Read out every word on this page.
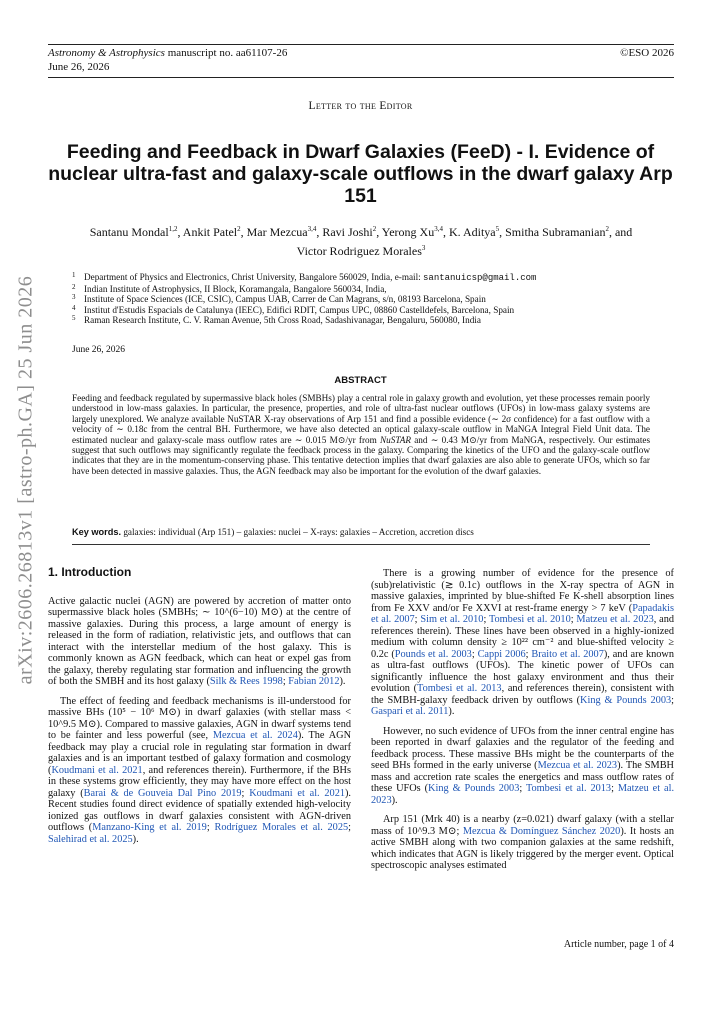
Astronomy & Astrophysics manuscript no. aa61107-26
June 26, 2026
©ESO 2026
arXiv:2606.26813v1 [astro-ph.GA] 25 Jun 2026
Letter to the Editor
Feeding and Feedback in Dwarf Galaxies (FeeD) - I. Evidence of nuclear ultra-fast and galaxy-scale outflows in the dwarf galaxy Arp 151
Santanu Mondal$^{1,2}$, Ankit Patel$^2$, Mar Mezcua$^{3,4}$, Ravi Joshi$^2$, Yerong Xu$^{3,4}$, K. Aditya$^5$, Smitha Subramanian$^2$, and
Victor Rodriguez Morales$^3$
1 Department of Physics and Electronics, Christ University, Bangalore 560029, India, e-mail: santanuicsp@gmail.com
2 Indian Institute of Astrophysics, II Block, Koramangala, Bangalore 560034, India,
3 Institute of Space Sciences (ICE, CSIC), Campus UAB, Carrer de Can Magrans, s/n, 08193 Barcelona, Spain
4 Institut d'Estudis Espacials de Catalunya (IEEC), Edifici RDIT, Campus UPC, 08860 Castelldefels, Barcelona, Spain
5 Raman Research Institute, C. V. Raman Avenue, 5th Cross Road, Sadashivanagar, Bengaluru, 560080, India
June 26, 2026
ABSTRACT
Feeding and feedback regulated by supermassive black holes (SMBHs) play a central role in galaxy growth and evolution, yet these processes remain poorly understood in low-mass galaxies. In particular, the presence, properties, and role of ultra-fast nuclear outflows (UFOs) in low-mass galaxy systems are largely unexplored. We analyze available NuSTAR X-ray observations of Arp 151 and find a possible evidence (∼ 2σ confidence) for a fast outflow with a velocity of ∼ 0.18c from the central BH. Furthermore, we have also detected an optical galaxy-scale outflow in MaNGA Integral Field Unit data. The estimated nuclear and galaxy-scale mass outflow rates are ∼ 0.015 M⊙/yr from NuSTAR and ∼ 0.43 M⊙/yr from MaNGA, respectively. Our estimates suggest that such outflows may significantly regulate the feedback process in the galaxy. Comparing the kinetics of the UFO and the galaxy-scale outflow indicates that they are in the momentum-conserving phase. This tentative detection implies that dwarf galaxies are also able to generate UFOs, which so far have been detected in massive galaxies. Thus, the AGN feedback may also be important for the evolution of the dwarf galaxies.
Key words. galaxies: individual (Arp 151) – galaxies: nuclei – X-rays: galaxies – Accretion, accretion discs
1. Introduction

Active galactic nuclei (AGN) are powered by accretion of matter onto supermassive black holes (SMBHs; ∼ 10^(6−10) M⊙) at the centre of massive galaxies. During this process, a large amount of energy is released in the form of radiation, relativistic jets, and outflows that can interact with the interstellar medium of the host galaxy. This is commonly known as AGN feedback, which can heat or expel gas from the galaxy, thereby regulating star formation and influencing the growth of both the SMBH and its host galaxy (Silk & Rees 1998; Fabian 2012).

The effect of feeding and feedback mechanisms is ill-understood for massive BHs (10⁵ − 10⁶ M⊙) in dwarf galaxies (with stellar mass < 10^9.5 M⊙). Compared to massive galaxies, AGN in dwarf systems tend to be fainter and less powerful (see, Mezcua et al. 2024). The AGN feedback may play a crucial role in regulating star formation in dwarf galaxies and is an important testbed of galaxy formation and cosmology (Koudmani et al. 2021, and references therein). Furthermore, if the BHs in these systems grow efficiently, they may have more effect on the host galaxy (Barai & de Gouveia Dal Pino 2019; Koudmani et al. 2021). Recent studies found direct evidence of spatially extended high-velocity ionized gas outflows in dwarf galaxies consistent with AGN-driven outflows (Manzano-King et al. 2019; Rodríguez Morales et al. 2025; Salehirad et al. 2025).

There is a growing number of evidence for the presence of (sub)relativistic (≳ 0.1c) outflows in the X-ray spectra of AGN in massive galaxies, imprinted by blue-shifted Fe K-shell absorption lines from Fe XXV and/or Fe XXVI at rest-frame energy > 7 keV (Papadakis et al. 2007; Sim et al. 2010; Tombesi et al. 2010; Matzeu et al. 2023, and references therein). These lines have been observed in a highly-ionized medium with column density ≥ 10²² cm⁻² and blue-shifted velocity ≥ 0.2c (Pounds et al. 2003; Cappi 2006; Braito et al. 2007), and are known as ultra-fast outflows (UFOs). The kinetic power of UFOs can significantly influence the host galaxy environment and thus their evolution (Tombesi et al. 2013, and references therein), consistent with the SMBH-galaxy feedback driven by outflows (King & Pounds 2003; Gaspari et al. 2011).

However, no such evidence of UFOs from the inner central engine has been reported in dwarf galaxies and the regulator of the feeding and feedback process. These massive BHs might be the counterparts of the seed BHs formed in the early universe (Mezcua et al. 2023). The SMBH mass and accretion rate scales the energetics and mass outflow rates of these UFOs (King & Pounds 2003; Tombesi et al. 2013; Matzeu et al. 2023).

Arp 151 (Mrk 40) is a nearby (z=0.021) dwarf galaxy (with a stellar mass of 10^9.3 M⊙; Mezcua & Domínguez Sánchez 2020). It hosts an active SMBH along with two companion galaxies at the same redshift, which indicates that AGN is likely triggered by the merger event. Optical spectroscopic analyses estimated

Article number, page 1 of 4
